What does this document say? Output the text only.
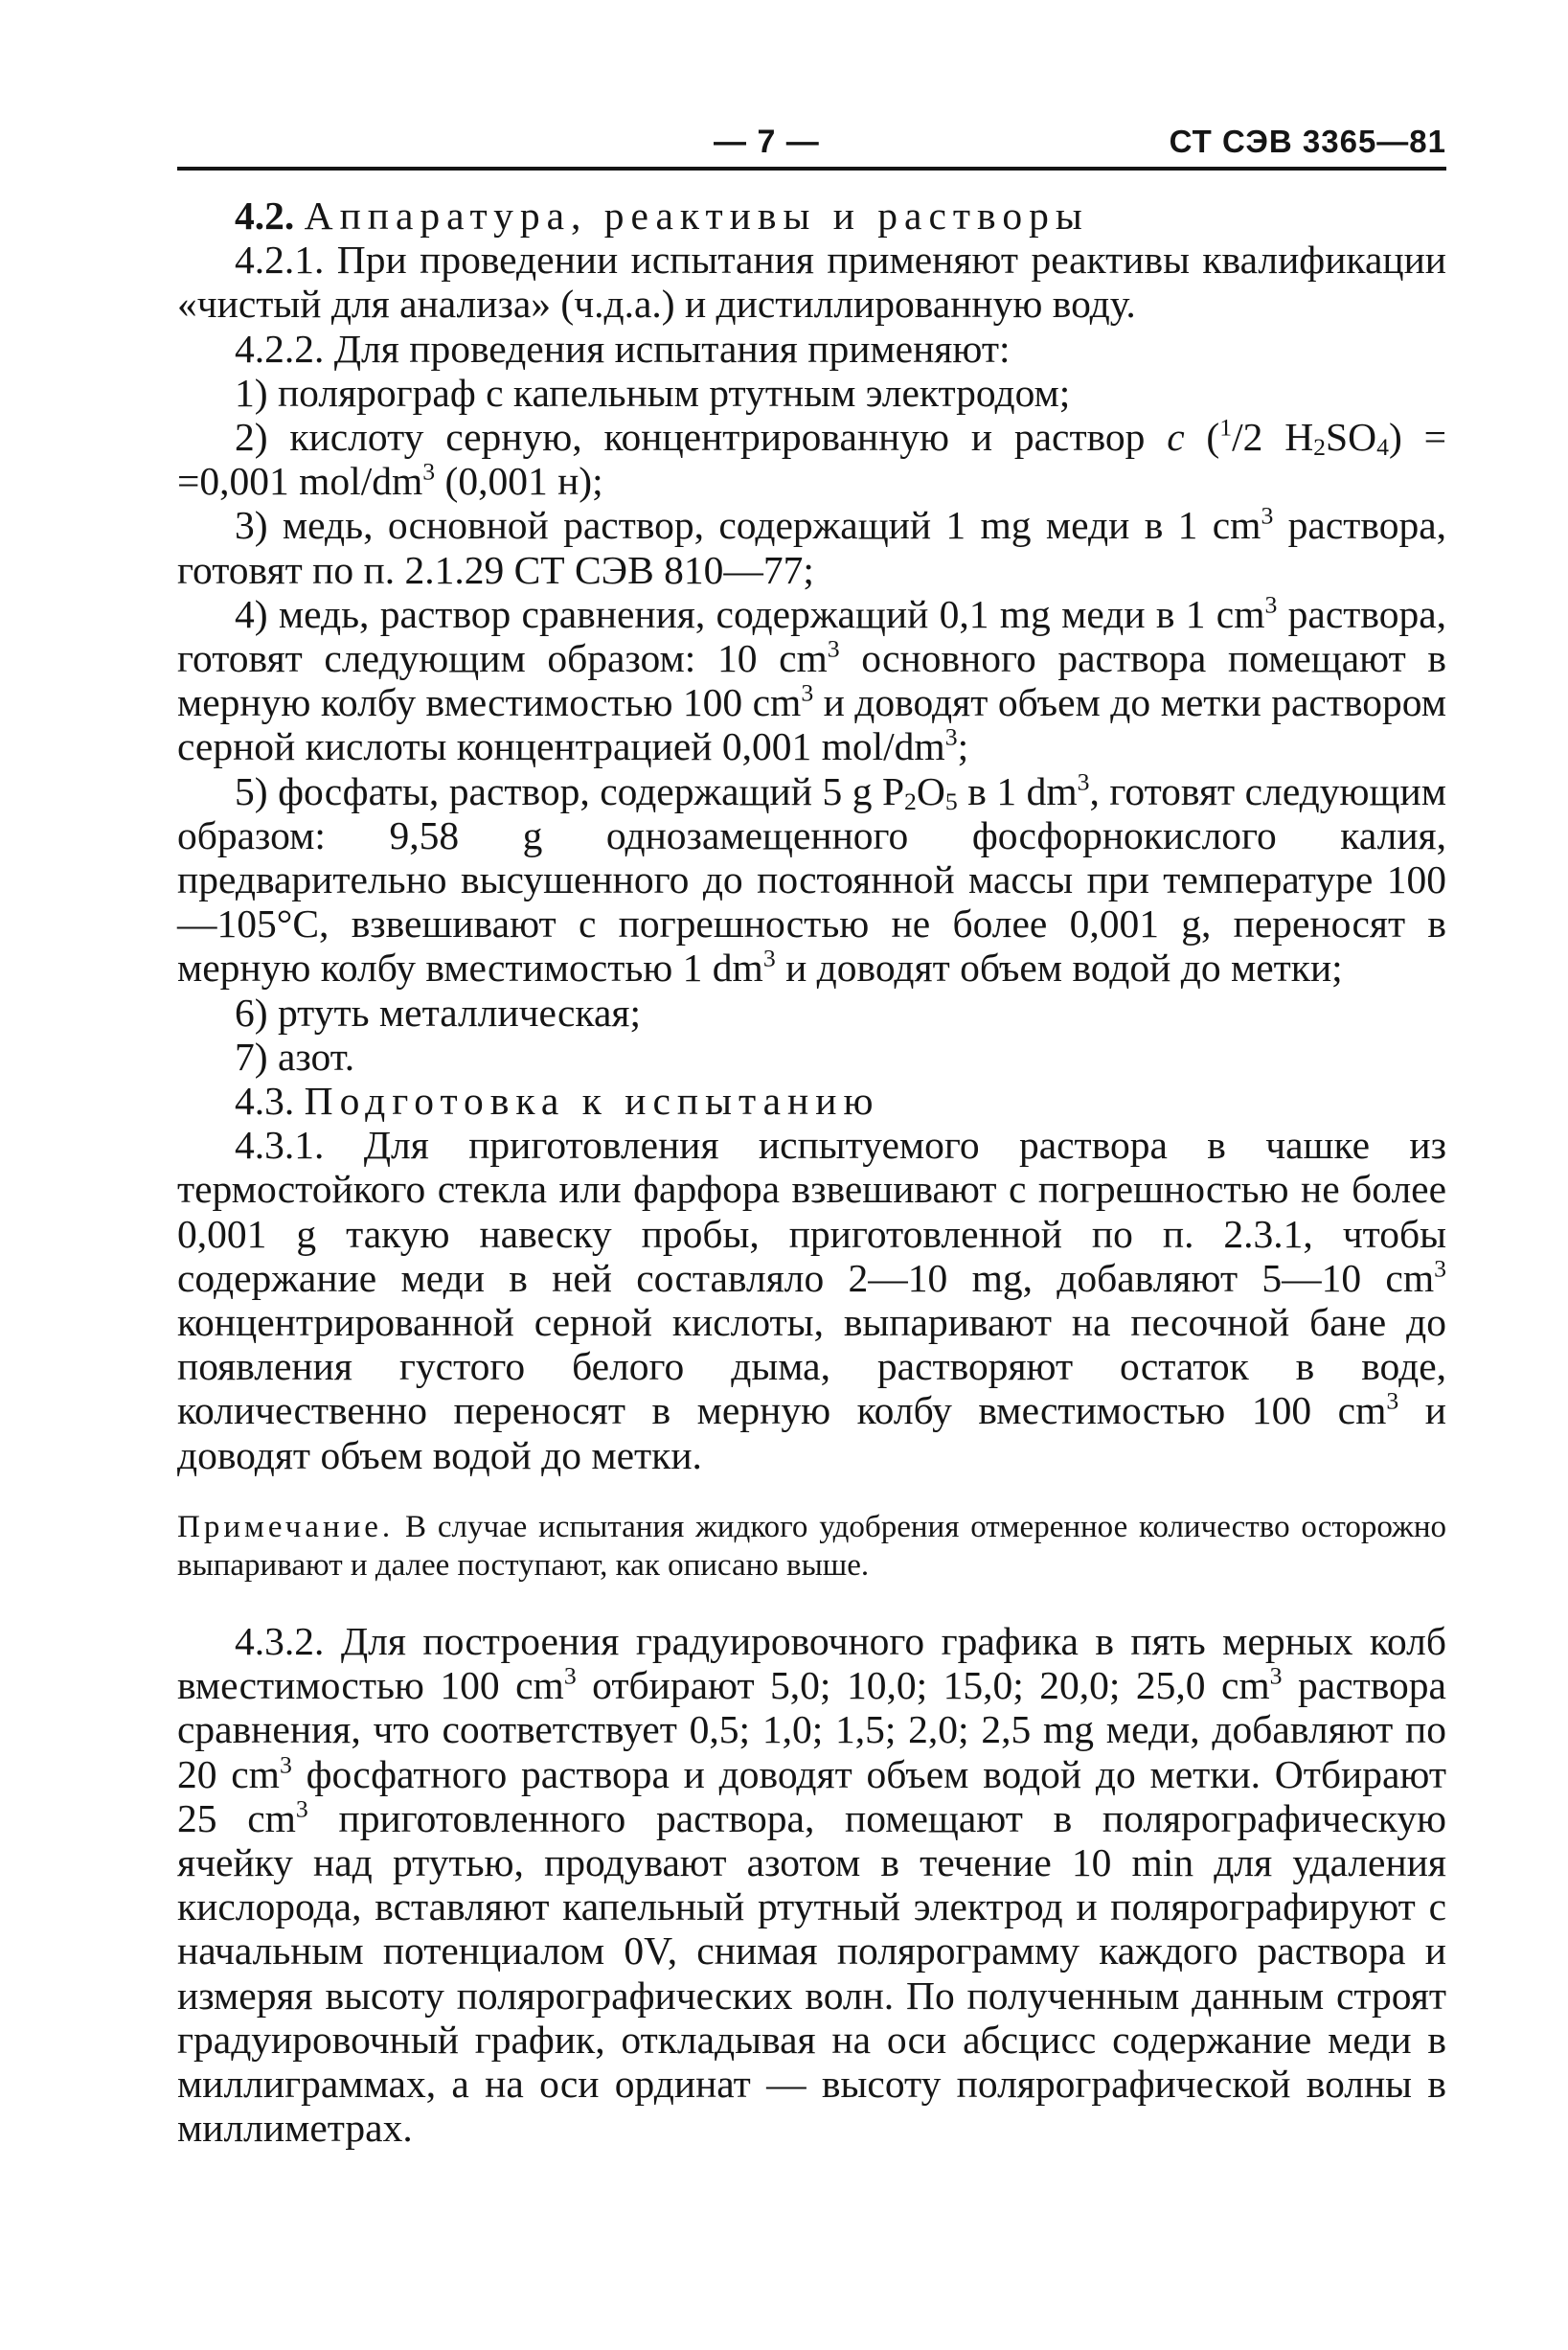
— 7 —	СТ СЭВ 3365—81

4.2. Аппаратура, реактивы и растворы

4.2.1. При проведении испытания применяют реактивы квалификации «чистый для анализа» (ч.д.а.) и дистиллированную воду.

4.2.2. Для проведения испытания применяют:

1) полярограф с капельным ртутным электродом;

2) кислоту серную, концентрированную и раствор c ($^1$/2 $H_2SO_4) = =0,001$ mol/$dm^3$ (0,001 н);

3) медь, основной раствор, содержащий 1 mg меди в 1 $cm^3$ раствора, готовят по п. 2.1.29 СТ СЭВ 810—77;

4) медь, раствор сравнения, содержащий 0,1 mg меди в 1 $cm^3$ раствора, готовят следующим образом: 10 $cm^3$ основного раствора помещают в мерную колбу вместимостью 100 $cm^3$ и доводят объем до метки раствором серной кислоты концентрацией 0,001 mol/$dm^3$;

5) фосфаты, раствор, содержащий 5 g $P_2O_5$ в 1 $dm^3$, готовят следующим образом: 9,58 g однозамещенного фосфорнокислого калия, предварительно высушенного до постоянной массы при температуре 100—105°С, взвешивают с погрешностью не более 0,001 g, переносят в мерную колбу вместимостью 1 $dm^3$ и доводят объем водой до метки;

6) ртуть металлическая;

7) азот.

4.3. Подготовка к испытанию

4.3.1. Для приготовления испытуемого раствора в чашке из термостойкого стекла или фарфора взвешивают с погрешностью не более 0,001 g такую навеску пробы, приготовленной по п. 2.3.1, чтобы содержание меди в ней составляло 2—10 mg, добавляют 5—10 $cm^3$ концентрированной серной кислоты, выпаривают на песочной бане до появления густого белого дыма, растворяют остаток в воде, количественно переносят в мерную колбу вместимостью 100 $cm^3$ и доводят объем водой до метки.

Примечание. В случае испытания жидкого удобрения отмеренное количество осторожно выпаривают и далее поступают, как описано выше.

4.3.2. Для построения градуировочного графика в пять мерных колб вместимостью 100 $cm^3$ отбирают 5,0; 10,0; 15,0; 20,0; 25,0 $cm^3$ раствора сравнения, что соответствует 0,5; 1,0; 1,5; 2,0; 2,5 mg меди, добавляют по 20 $cm^3$ фосфатного раствора и доводят объем водой до метки. Отбирают 25 $cm^3$ приготовленного раствора, помещают в полярографическую ячейку над ртутью, продувают азотом в течение 10 min для удаления кислорода, вставляют капельный ртутный электрод и полярографируют с начальным потенциалом 0V, снимая полярограмму каждого раствора и измеряя высоту полярографических волн. По полученным данным строят градуировочный график, откладывая на оси абсцисс содержание меди в миллиграммах, а на оси ординат — высоту полярографической волны в миллиметрах.
